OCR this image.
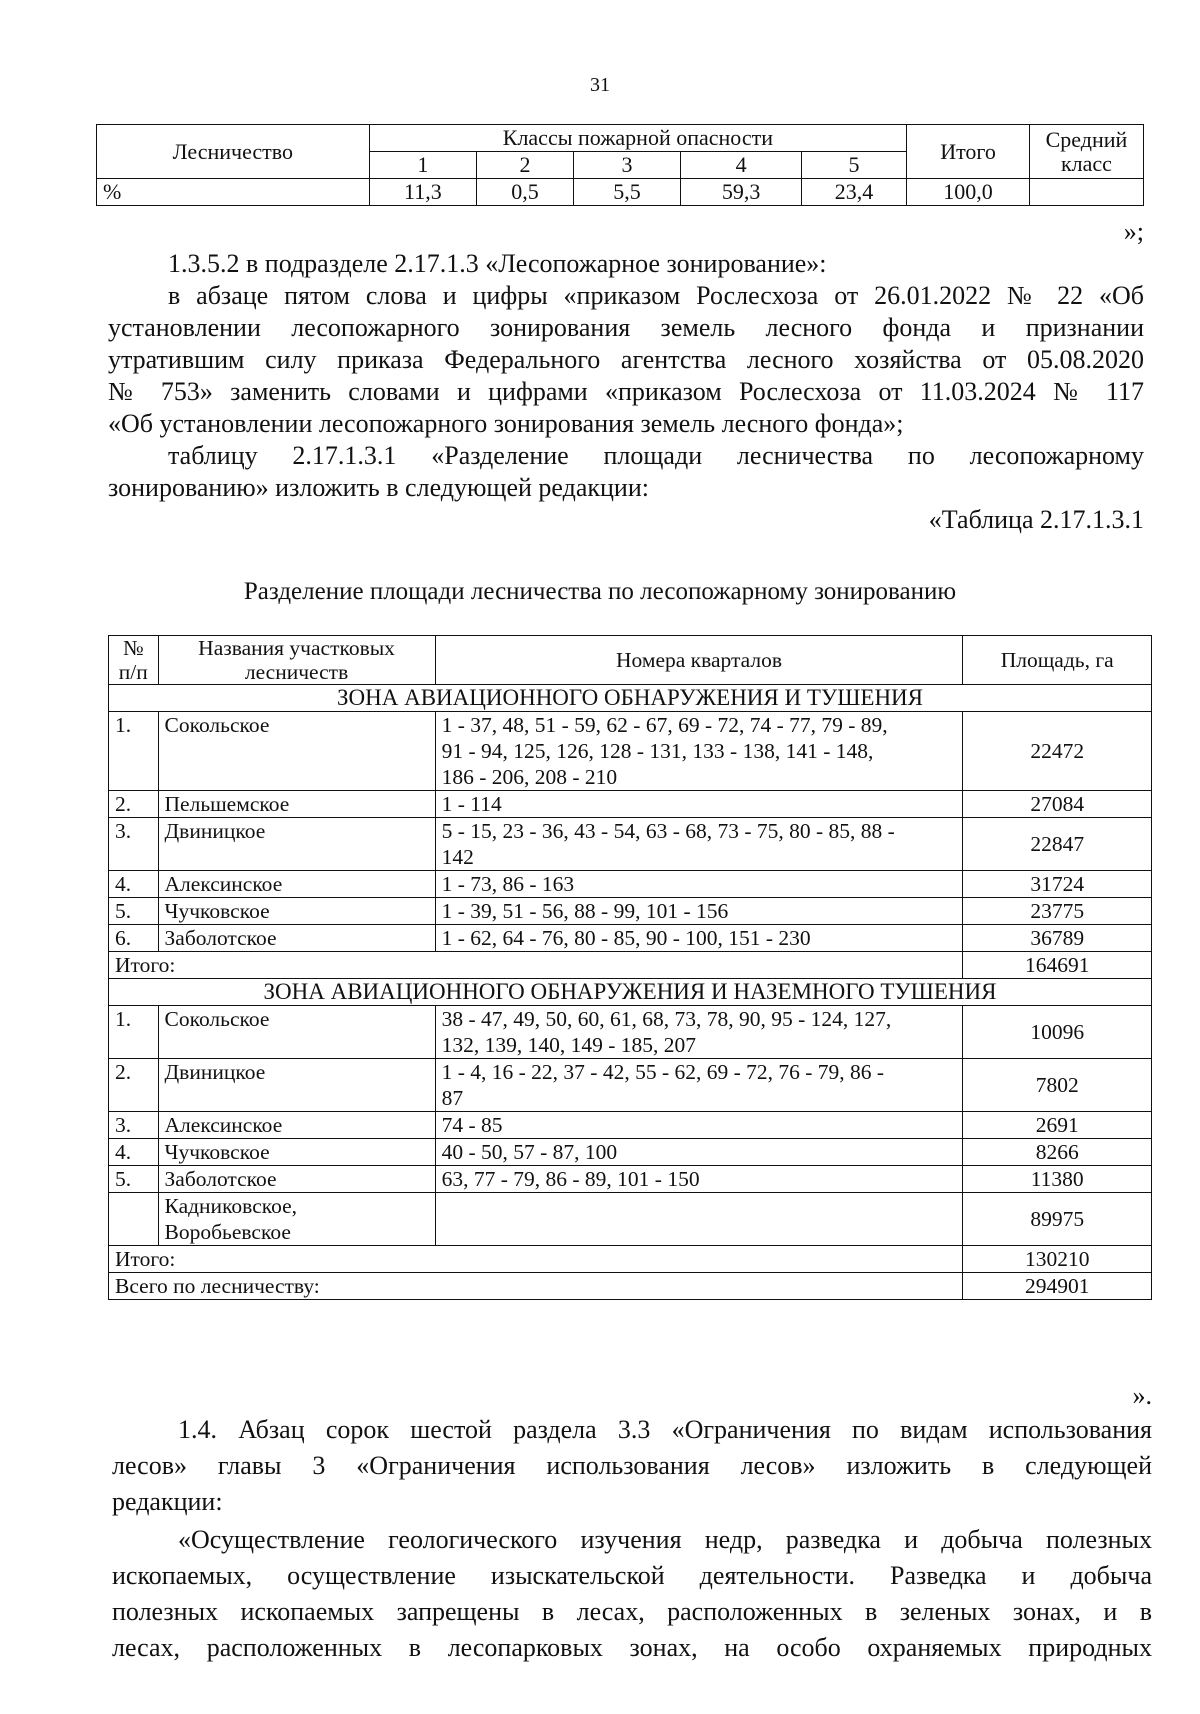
31
Лесничество	Классы пожарной опасности					Итого	Средний
класс
	1	2	3	4	5		
%	11,3	0,5	5,5	59,3	23,4	100,0	
»;
1.3.5.2 в подразделе 2.17.1.3 «Лесопожарное зонирование»:
в абзаце пятом слова и цифры «приказом Рослесхоза от 26.01.2022 № 22 «Об
установлении лесопожарного зонирования земель лесного фонда и признании
утратившим силу приказа Федерального агентства лесного хозяйства от 05.08.2020
№ 753» заменить словами и цифрами «приказом Рослесхоза от 11.03.2024 № 117
«Об установлении лесопожарного зонирования земель лесного фонда»;
таблицу 2.17.1.3.1 «Разделение площади лесничества по лесопожарному
зонированию» изложить в следующей редакции:
«Таблица 2.17.1.3.1
Разделение площади лесничества по лесопожарному зонированию
№
п/п	Названия участковых
лесничеств	Номера кварталов	Площадь, га
ЗОНА АВИАЦИОННОГО ОБНАРУЖЕНИЯ И ТУШЕНИЯ			
1.	Сокольское	1 - 37, 48, 51 - 59, 62 - 67, 69 - 72, 74 - 77, 79 - 89,
91 - 94, 125, 126, 128 - 131, 133 - 138, 141 - 148,
186 - 206, 208 - 210	22472
2.	Пельшемское	1 - 114	27084
3.	Двиницкое	5 - 15, 23 - 36, 43 - 54, 63 - 68, 73 - 75, 80 - 85, 88 -
142	22847
4.	Алексинское	1 - 73, 86 - 163	31724
5.	Чучковское	1 - 39, 51 - 56, 88 - 99, 101 - 156	23775
6.	Заболотское	1 - 62, 64 - 76, 80 - 85, 90 - 100, 151 - 230	36789
Итого:			164691
ЗОНА АВИАЦИОННОГО ОБНАРУЖЕНИЯ И НАЗЕМНОГО ТУШЕНИЯ			
1.	Сокольское	38 - 47, 49, 50, 60, 61, 68, 73, 78, 90, 95 - 124, 127,
132, 139, 140, 149 - 185, 207	10096
2.	Двиницкое	1 - 4, 16 - 22, 37 - 42, 55 - 62, 69 - 72, 76 - 79, 86 -
87	7802
3.	Алексинское	74 - 85	2691
4.	Чучковское	40 - 50, 57 - 87, 100	8266
5.	Заболотское	63, 77 - 79, 86 - 89, 101 - 150	11380
	Кадниковское, Воробьевское		89975
Итого:			130210
Всего по лесничеству:			294901
».
1.4. Абзац сорок шестой раздела 3.3 «Ограничения по видам использования
лесов» главы 3 «Ограничения использования лесов» изложить в следующей
редакции:
«Осуществление геологического изучения недр, разведка и добыча полезных
ископаемых, осуществление изыскательской деятельности. Разведка и добыча
полезных ископаемых запрещены в лесах, расположенных в зеленых зонах, и в
лесах, расположенных в лесопарковых зонах, на особо охраняемых природных
